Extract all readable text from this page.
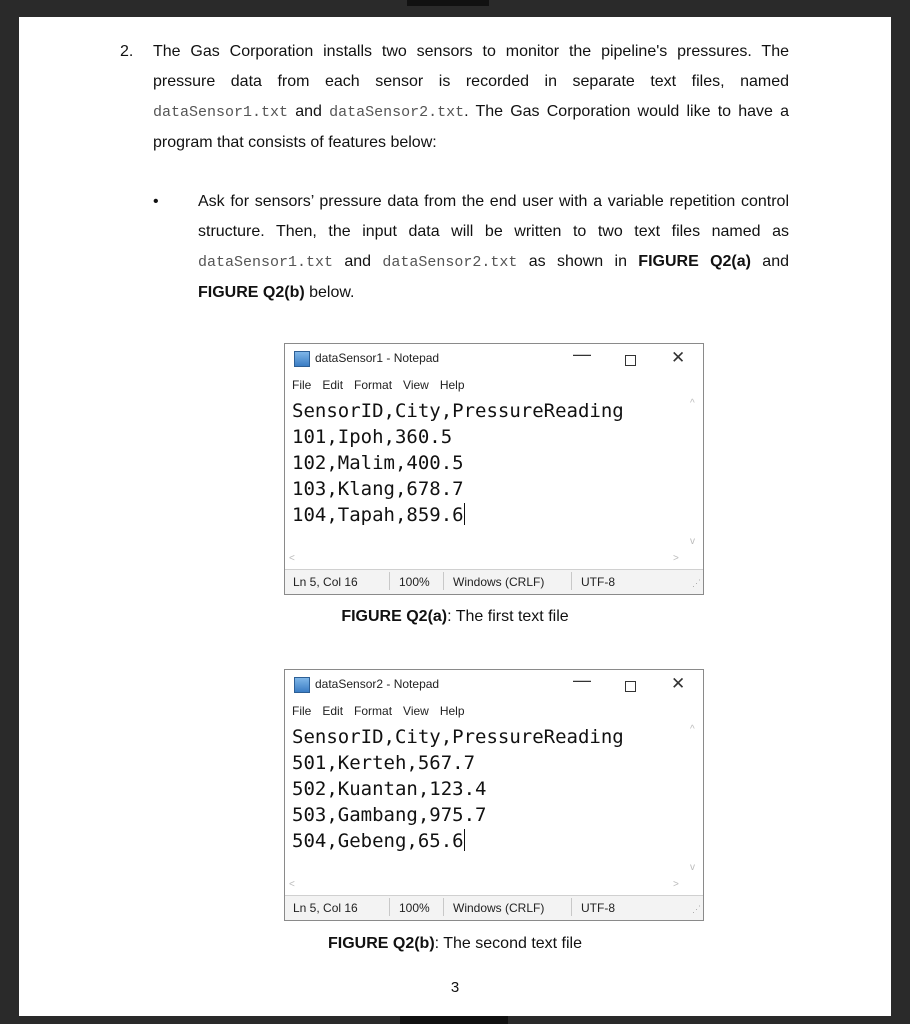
2. The Gas Corporation installs two sensors to monitor the pipeline's pressures. The pressure data from each sensor is recorded in separate text files, named dataSensor1.txt and dataSensor2.txt. The Gas Corporation would like to have a program that consists of features below:
• Ask for sensors’ pressure data from the end user with a variable repetition control structure. Then, the input data will be written to two text files named as dataSensor1.txt and dataSensor2.txt as shown in FIGURE Q2(a) and FIGURE Q2(b) below.
dataSensor1 - Notepad	—	✕
File Edit Format View Help
SensorID,City,PressureReading
101,Ipoh,360.5
102,Malim,400.5
103,Klang,678.7
104,Tapah,859.6
^
v
<	>
Ln 5, Col 16	100% Windows (CRLF)	UTF-8	⋰
FIGURE Q2(a): The first text file
dataSensor2 - Notepad	—	✕
File Edit Format View Help
SensorID,City,PressureReading
501,Kerteh,567.7
502,Kuantan,123.4
503,Gambang,975.7
504,Gebeng,65.6
^
v
<	>
Ln 5, Col 16	100% Windows (CRLF)	UTF-8	⋰
FIGURE Q2(b): The second text file
3
